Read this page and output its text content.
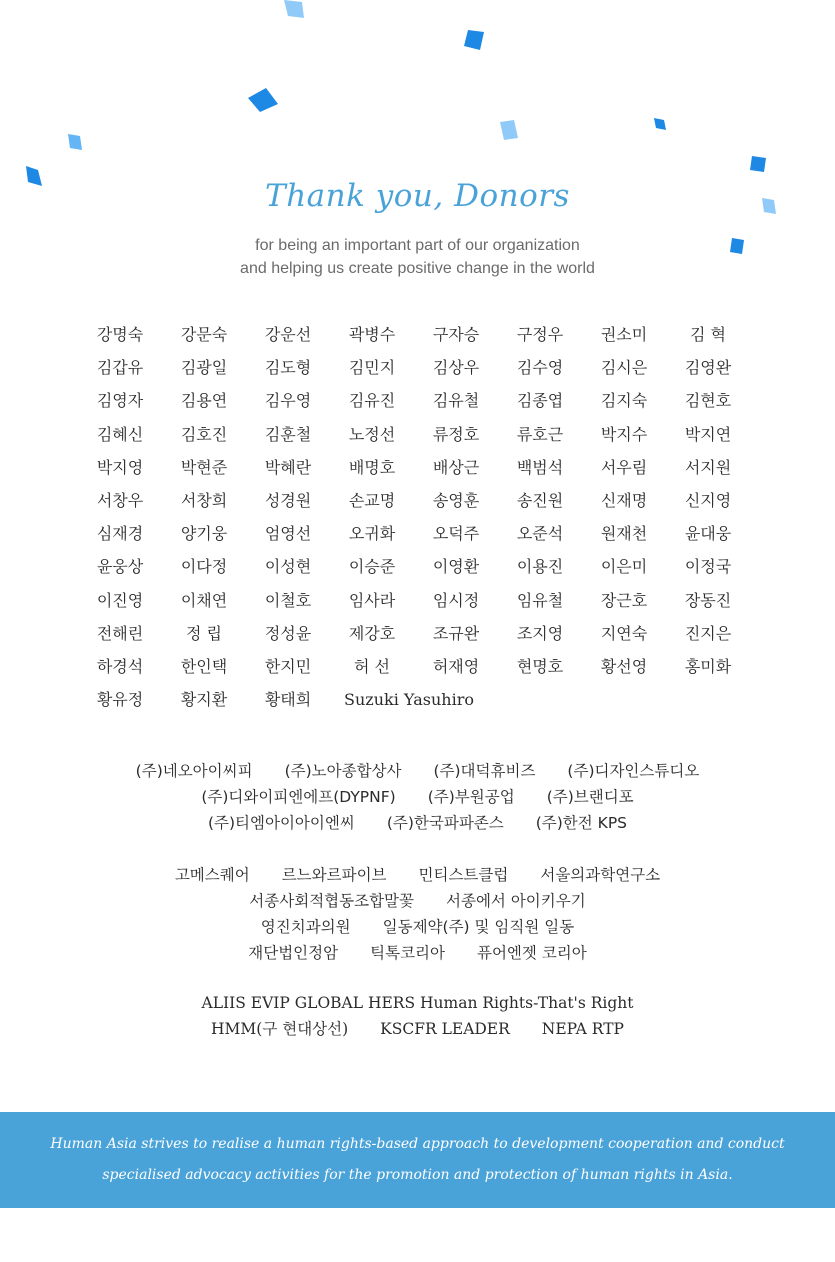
Thank you, Donors
for being an important part of our organization
and helping us create positive change in the world
강명숙	강문숙	강운선	곽병수	구자승	구정우	권소미	김 혁
김갑유	김광일	김도형	김민지	김상우	김수영	김시은	김영완
김영자	김용연	김우영	김유진	김유철	김종엽	김지숙	김현호
김혜신	김호진	김훈철	노정선	류정호	류호근	박지수	박지연
박지영	박현준	박혜란	배명호	배상근	백범석	서우림	서지원
서창우	서창희	성경원	손교명	송영훈	송진원	신재명	신지영
심재경	양기웅	엄영선	오귀화	오덕주	오준석	원재천	윤대웅
윤웅상	이다정	이성현	이승준	이영환	이용진	이은미	이정국
이진영	이채연	이철호	임사라	임시정	임유철	장근호	장동진
전해린	정 립	정성윤	제강호	조규완	조지영	지연숙	진지은
하경석	한인택	한지민	허 선	허재영	현명호	황선영	홍미화
황유정	황지환	황태희	Suzuki Yasuhiro
(주)네오아이씨피 (주)노아종합상사 (주)대덕휴비즈 (주)디자인스튜디오
(주)디와이피엔에프(DYPNF) (주)부원공업 (주)브랜디포
(주)티엠아이아이엔씨 (주)한국파파존스 (주)한전 KPS
고메스퀘어 르느와르파이브 민티스트클럽 서울의과학연구소
서종사회적협동조합말꽃 서종에서 아이키우기
영진치과의원 일동제약(주) 및 임직원 일동
재단법인정암 틱톡코리아 퓨어엔젯 코리아
ALIIS EVIP GLOBAL HERS Human Rights-That's Right
HMM(구 현대상선) KSCFR LEADER NEPA RTP
Human Asia strives to realise a human rights-based approach to development cooperation and conduct
specialised advocacy activities for the promotion and protection of human rights in Asia.
